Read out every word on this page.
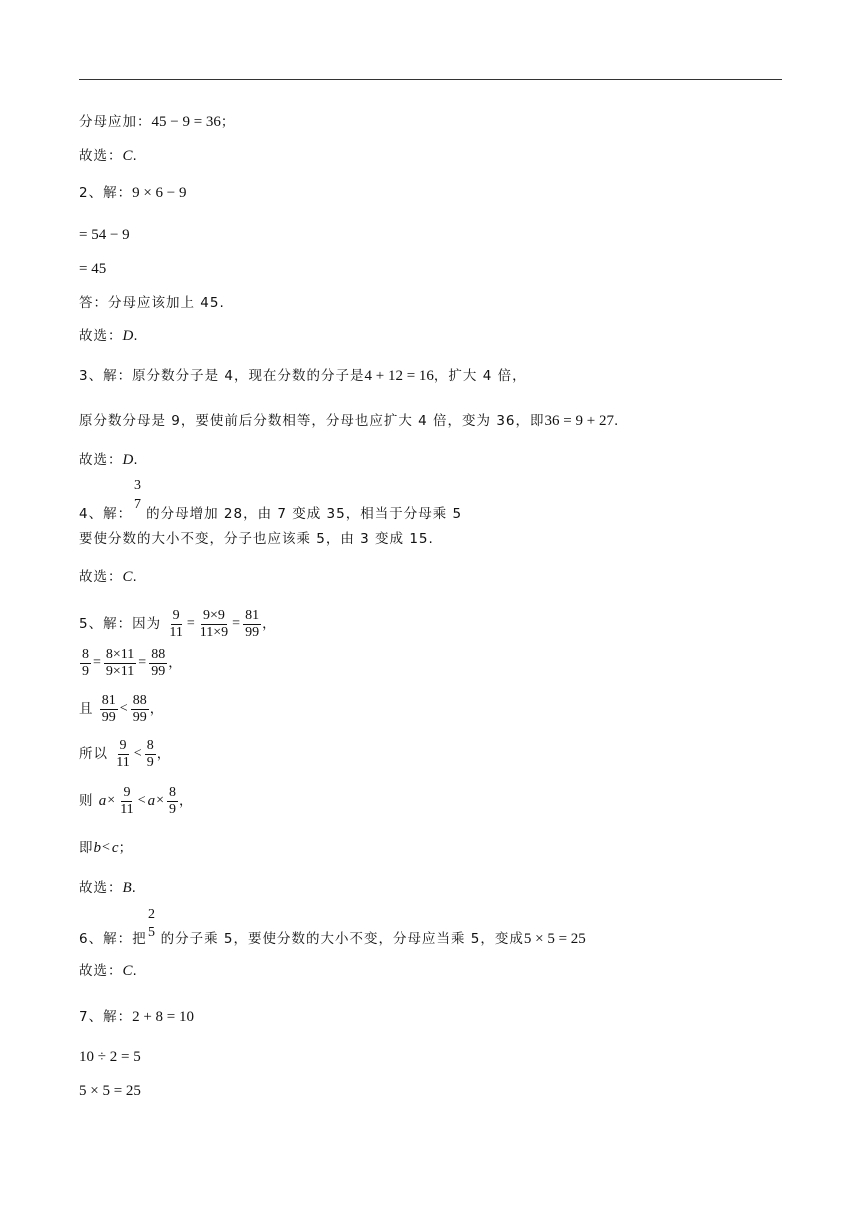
分母应加：45 − 9 = 36；
故选：C.
2、解：9 × 6 − 9
= 54 − 9
= 45
答：分母应该加上 45.
故选：D.
3、解：原分数分子是 4，现在分数的分子是4 + 12 = 16，扩大 4 倍，
原分数分母是 9，要使前后分数相等，分母也应扩大 4 倍，变为 36，即36 = 9 + 27.
故选：D.
3
7
4、解： 的分母增加 28，由 7 变成 35，相当于分母乘 5
要使分数的大小不变，分子也应该乘 5，由 3 变成 15.
故选：C.
5、解：因为 $\frac{9}{11} = \frac{9\times 9}{11\times 9} = \frac{81}{99}$ ，
$\frac{8}{9} = \frac{8\times 11}{9\times 11} = \frac{88}{99}$ ，
且 $\frac{81}{99} < \frac{88}{99}$ ，
所以 $\frac{9}{11} < \frac{8}{9}$ ，
则 $a\times \frac{9}{11} <a\times \frac{8}{9}$ ，
即b<c；
故选：B.
2
5
6、解：把 的分子乘 5，要使分数的大小不变，分母应当乘 5，变成5 × 5 = 25
故选：C.
7、解：2 + 8 = 10
10 ÷ 2 = 5
5 × 5 = 25
